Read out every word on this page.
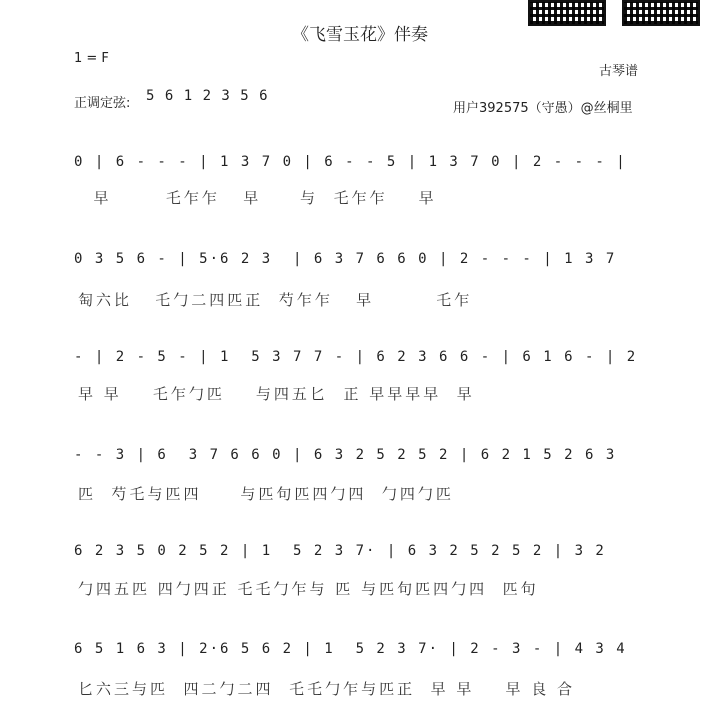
《飞雪玉花》伴奏
1 = F
古琴谱
正调定弦: 5 6 1 2 3 5 6
用户392575（守愚）@丝桐里
0 | 6 - - - | 1 3 7 0 | 6 - - 5 | 1 3 7 0 | 2 - - - |
早       乇乍乍   早     与  乇乍乍    早
0 3 5 6 - | 5·6 2 3  | 6 3 7 6 6 0 | 2 - - - | 1 3 7
匋六比   乇勹二四匹正  芍乍乍   早        乇乍
- | 2 - 5 - | 1  5 3 7 7 - | 6 2 3 6 6 - | 6 1 6 - | 2
早 早    乇乍勹匹    与四五匕  正 早早早早  早
- - 3 | 6  3 7 6 6 0 | 6 3 2 5 2 5 2 | 6 2 1 5 2 6 3
匹  芍乇与匹四     与匹句匹四勹四  勹四勹匹
6 2 3 5 0 2 5 2 | 1  5 2 3 7· | 6 3 2 5 2 5 2 | 3 2
勹四五匹 四勹四正 乇乇勹乍与 匹 与匹句匹四勹四  匹句
6 5 1 6 3 | 2·6 5 6 2 | 1  5 2 3 7· | 2 - 3 - | 4 3 4
匕六三与匹  四二勹二四  乇乇勹乍与匹正  早 早    早 良 合
